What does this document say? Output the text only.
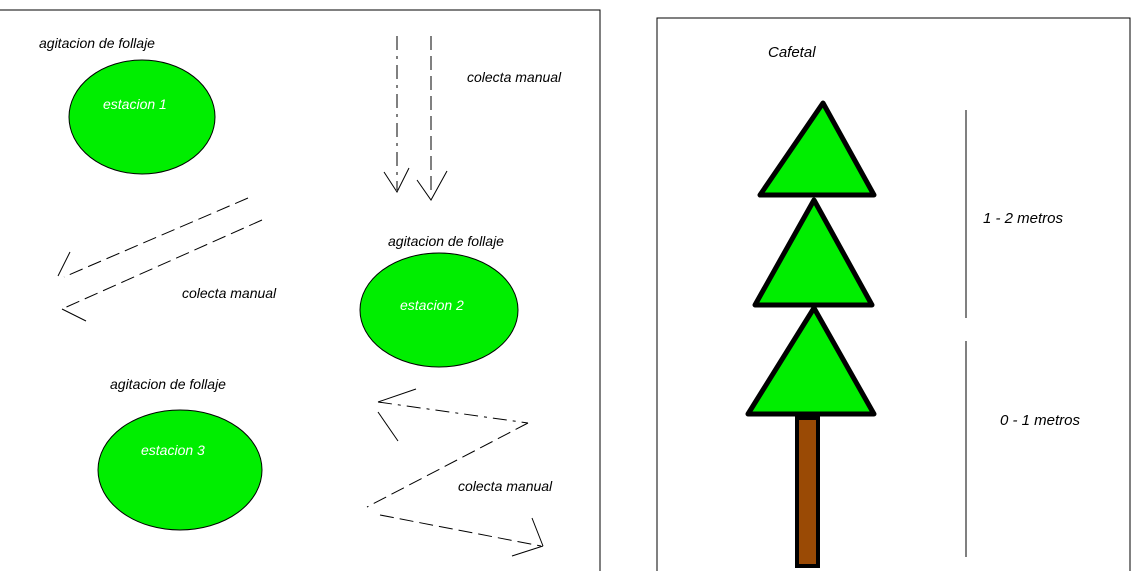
agitacion de follaje
estacion 1
agitacion de follaje
estacion 2
agitacion de follaje
estacion 3
colecta manual
colecta manual
colecta manual
Cafetal
1 - 2 metros
0 - 1 metros
